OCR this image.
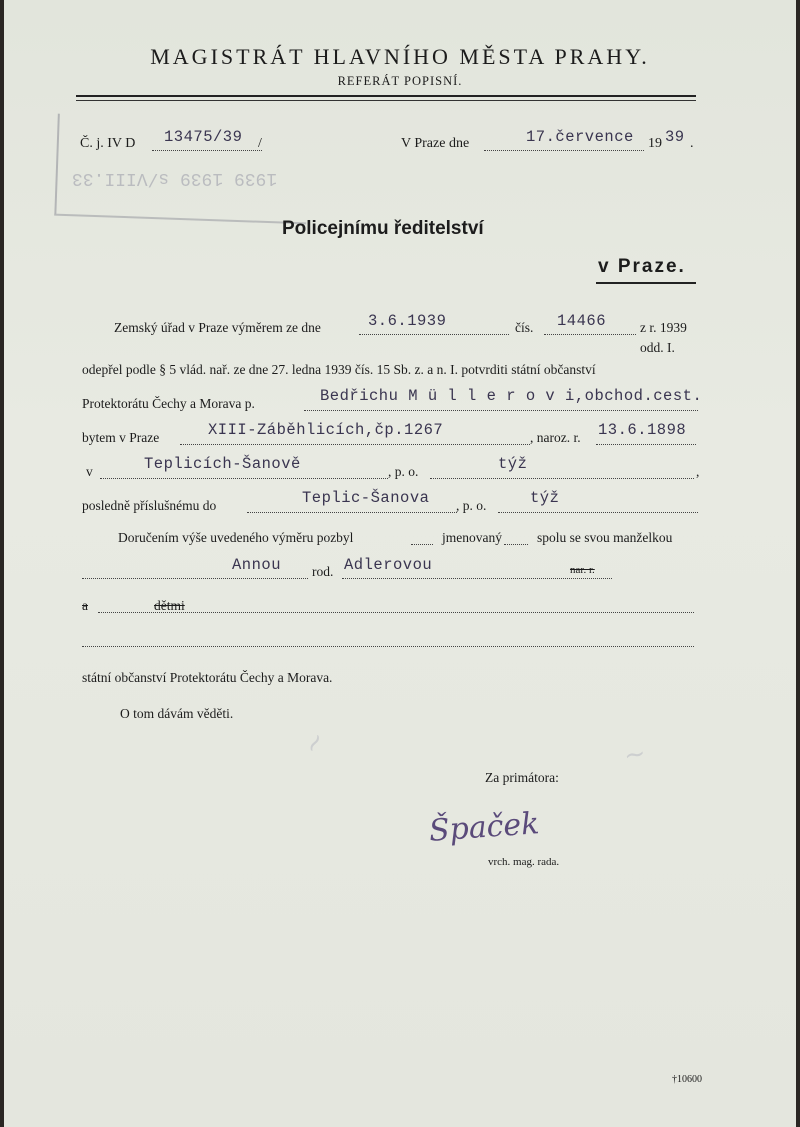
1939 1939 s/VIII.33
MAGISTRÁT HLAVNÍHO MĚSTA PRAHY.
REFERÁT POPISNÍ.
Č. j. IV D 13475/39 /	V Praze dne	17.července 19 39 .
Policejnímu ředitelství
v Praze.
Zemský úřad v Praze výměrem ze dne	3.6.1939	čís. 14466	z r. 1939
odd. I.
odepřel podle § 5 vlád. nař. ze dne 27. ledna 1939 čís. 15 Sb. z. a n. I. potvrditi státní občanství
Protektorátu Čechy a Morava p.	Bedřichu M ü l l e r o v i,obchod.cest.
bytem v Praze	XIII-Záběhlicích,čp.1267	, naroz. r. 13.6.1898
v	Teplicích-Šanově	, p. o.	týž	,
posledně příslušnému do	Teplic-Šanova , p. o.	týž
Doručením výše uvedeného výměru pozbyl	jmenovaný	spolu se svou manželkou
Annou rod. Adlerovou	nar. r.
a	dětmi
státní občanství Protektorátu Čechy a Morava.
O tom dávám věděti.
~	~
Za primátora:
Špaček
vrch. mag. rada.
†10600
